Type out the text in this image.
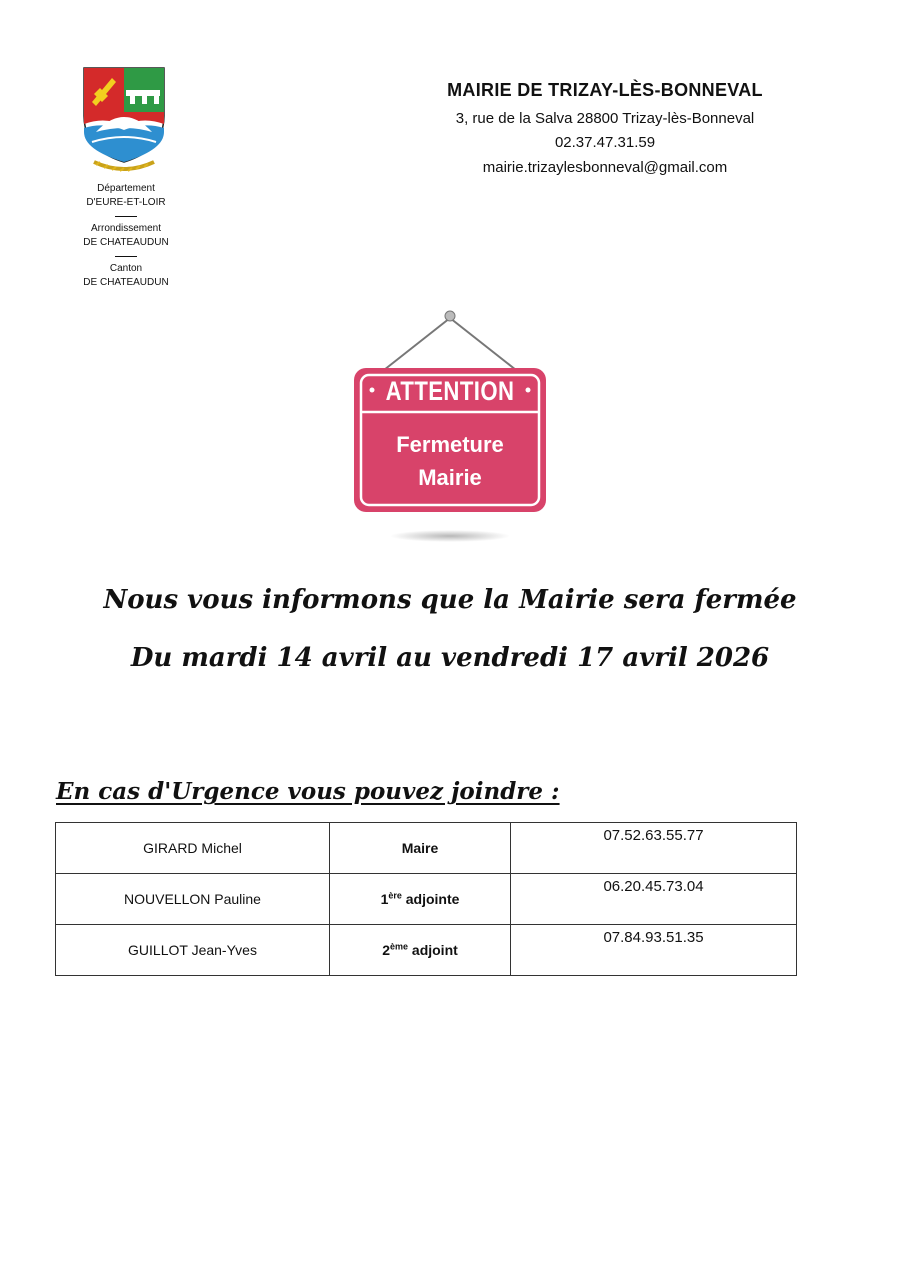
Département
D'EURE-ET-LOIR
Arrondissement
DE CHATEAUDUN
Canton
DE CHATEAUDUN
MAIRIE DE TRIZAY-LÈS-BONNEVAL
3, rue de la Salva 28800 Trizay-lès-Bonneval
02.37.47.31.59
mairie.trizaylesbonneval@gmail.com
ATTENTION
Fermeture
Mairie
Nous vous informons que la Mairie sera fermée
Du mardi 14 avril au vendredi 17 avril 2026
En cas d'Urgence vous pouvez joindre :
GIRARD Michel	Maire	07.52.63.55.77
NOUVELLON Pauline	1ère adjointe	06.20.45.73.04
GUILLOT Jean-Yves	2ème adjoint	07.84.93.51.35
